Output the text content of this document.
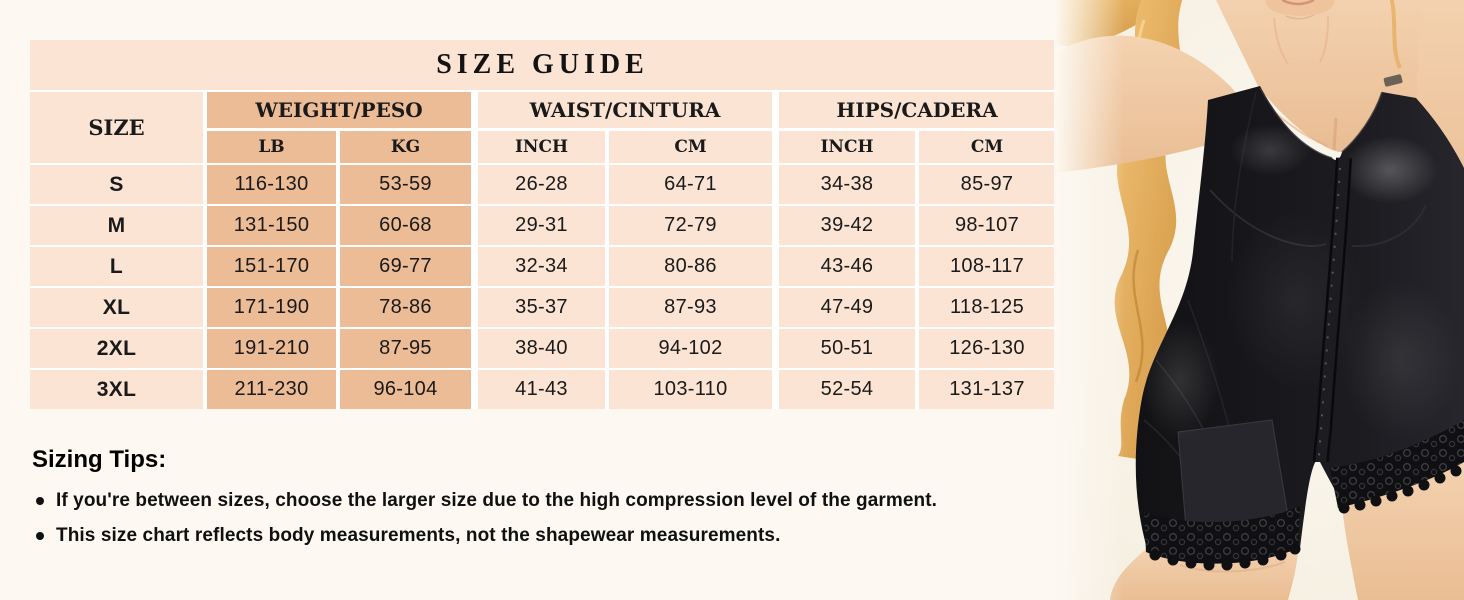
SIZE GUIDE
SIZE
WEIGHT/PESO
LB	KG
WAIST/CINTURA
INCH	CM
HIPS/CADERA
INCH	CM
S	116-130	53-59	26-28	64-71	34-38	85-97
M	131-150	60-68	29-31	72-79	39-42	98-107
L	151-170	69-77	32-34	80-86	43-46	108-117
XL	171-190	78-86	35-37	87-93	47-49	118-125
2XL	191-210	87-95	38-40	94-102	50-51	126-130
3XL	211-230	96-104	41-43	103-110	52-54	131-137

Sizing Tips:

If you're between sizes, choose the larger size due to the high compression level of the garment.
This size chart reflects body measurements, not the shapewear measurements.
